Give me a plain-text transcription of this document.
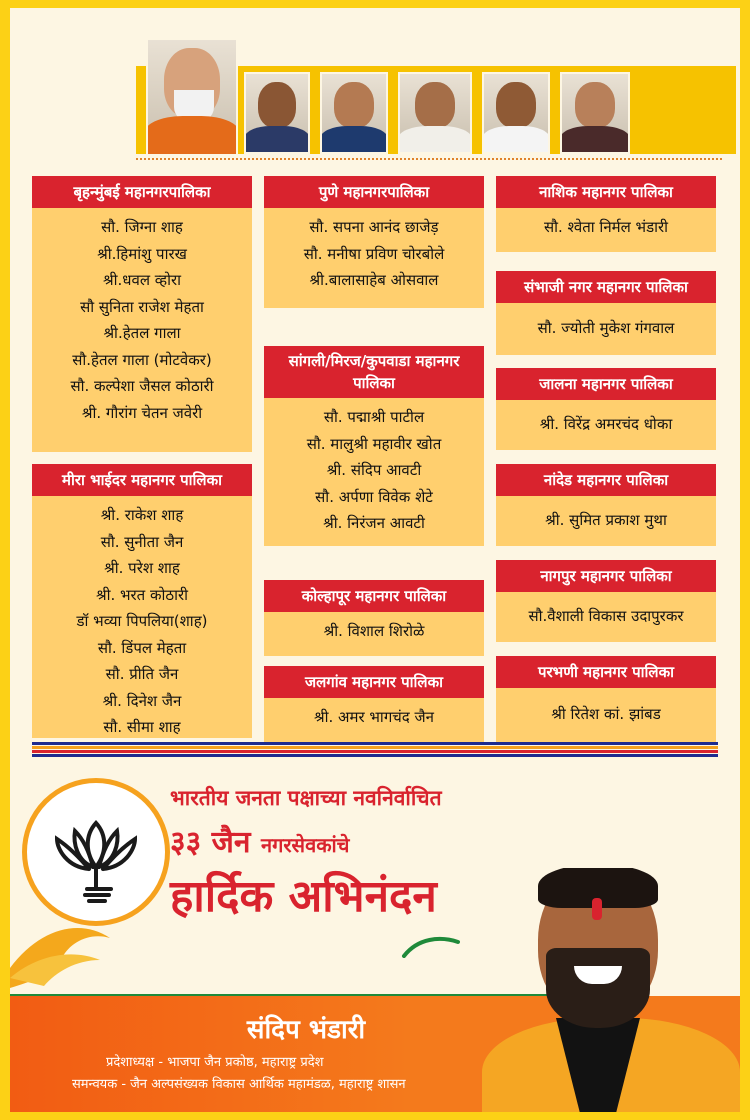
बृहन्मुंबई महानगरपालिका
सौ. जिग्ना शाह
श्री.हिमांशु पारख
श्री.धवल व्होरा
सौ सुनिता राजेश मेहता
श्री.हेतल गाला
सौ.हेतल गाला (मोटवेकर)
सौ. कल्पेशा जैसल कोठारी
श्री. गौरांग चेतन जवेरी
मीरा भाईदर महानगर पालिका
श्री. राकेश शाह
सौ. सुनीता जैन
श्री. परेश शाह
श्री. भरत कोठारी
डॉ भव्या पिपलिया(शाह)
सौ. डिंपल मेहता
सौ. प्रीति जैन
श्री. दिनेश जैन
सौ. सीमा शाह
पुणे महानगरपालिका
सौ. सपना आनंद छाजेड़
सौ. मनीषा प्रविण चोरबोले
श्री.बालासाहेब ओसवाल
सांगली/मिरज/कुपवाडा महानगर पालिका
सौ. पद्माश्री पाटील
सौ. मालुश्री महावीर खोत
श्री. संदिप आवटी
सौ. अर्पणा विवेक शेटे
श्री. निरंजन आवटी
कोल्हापूर महानगर पालिका
श्री. विशाल शिरोळे
जलगांव महानगर पालिका
श्री. अमर भागचंद जैन
नाशिक महानगर पालिका
सौ. श्वेता निर्मल भंडारी
संभाजी नगर महानगर पालिका
सौ. ज्योती मुकेश गंगवाल
जालना महानगर पालिका
श्री. विरेंद्र अमरचंद धोका
नांदेड महानगर पालिका
श्री. सुमित प्रकाश मुथा
नागपुर महानगर पालिका
सौ.वैशाली विकास उदापुरकर
परभणी महानगर पालिका
श्री रितेश कां. झांबड
भारतीय जनता पक्षाच्या नवनिर्वाचित
३३ जैन नगरसेवकांचे
हार्दिक अभिनंदन
संदिप भंडारी
प्रदेशाध्यक्ष - भाजपा जैन प्रकोष्ठ, महाराष्ट्र प्रदेश
समन्वयक - जैन अल्पसंख्यक विकास आर्थिक महामंडळ, महाराष्ट्र शासन
